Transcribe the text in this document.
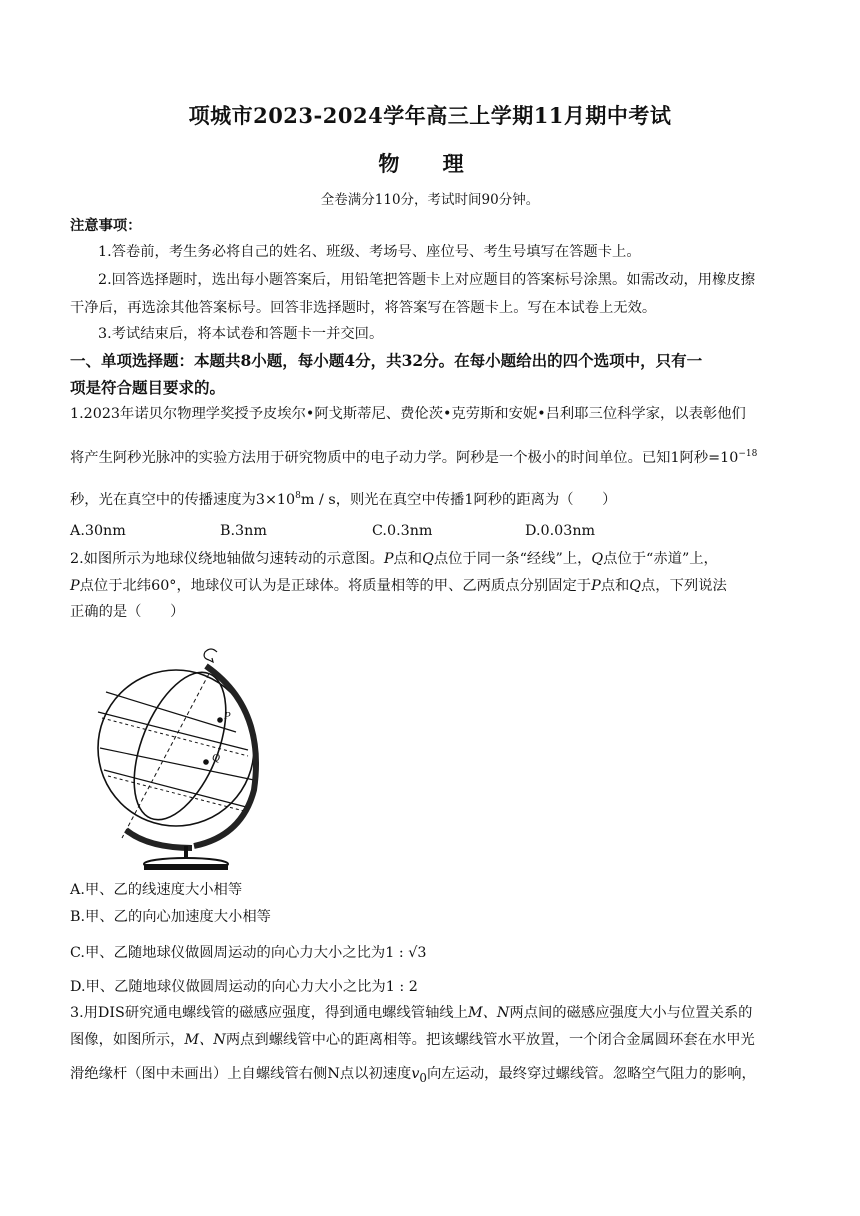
项城市2023-2024学年高三上学期11月期中考试
物 理
全卷满分110分，考试时间90分钟。
注意事项：
1.答卷前，考生务必将自己的姓名、班级、考场号、座位号、考生号填写在答题卡上。
2.回答选择题时，选出每小题答案后，用铅笔把答题卡上对应题目的答案标号涂黑。如需改动，用橡皮擦
干净后，再选涂其他答案标号。回答非选择题时，将答案写在答题卡上。写在本试卷上无效。
3.考试结束后，将本试卷和答题卡一并交回。
一、单项选择题：本题共8小题，每小题4分，共32分。在每小题给出的四个选项中，只有一
项是符合题目要求的。
1.2023年诺贝尔物理学奖授予皮埃尔•阿戈斯蒂尼、费伦茨•克劳斯和安妮•吕利耶三位科学家，以表彰他们
将产生阿秒光脉冲的实验方法用于研究物质中的电子动力学。阿秒是一个极小的时间单位。已知1阿秒$=10^{-18}$
秒，光在真空中的传播速度为$3\times 10^8m / s$，则光在真空中传播1阿秒的距离为（　　）
A.30nm	B.3nm	C.0.3nm	D.0.03nm
2.如图所示为地球仪绕地轴做匀速转动的示意图。P点和Q点位于同一条“经线”上，Q点位于“赤道”上，
P点位于北纬60°，地球仪可认为是正球体。将质量相等的甲、乙两质点分别固定于P点和Q点，下列说法
正确的是（　　）
P
Q
A.甲、乙的线速度大小相等
B.甲、乙的向心加速度大小相等
C.甲、乙随地球仪做圆周运动的向心力大小之比为1 : √3
D.甲、乙随地球仪做圆周运动的向心力大小之比为1 : 2
3.用DIS研究通电螺线管的磁感应强度，得到通电螺线管轴线上M、N两点间的磁感应强度大小与位置关系的
图像，如图所示，M、N两点到螺线管中心的距离相等。把该螺线管水平放置，一个闭合金属圆环套在水甲光
滑绝缘杆（图中未画出）上自螺线管右侧N点以初速度$v_0$向左运动，最终穿过螺线管。忽略空气阻力的影响，
